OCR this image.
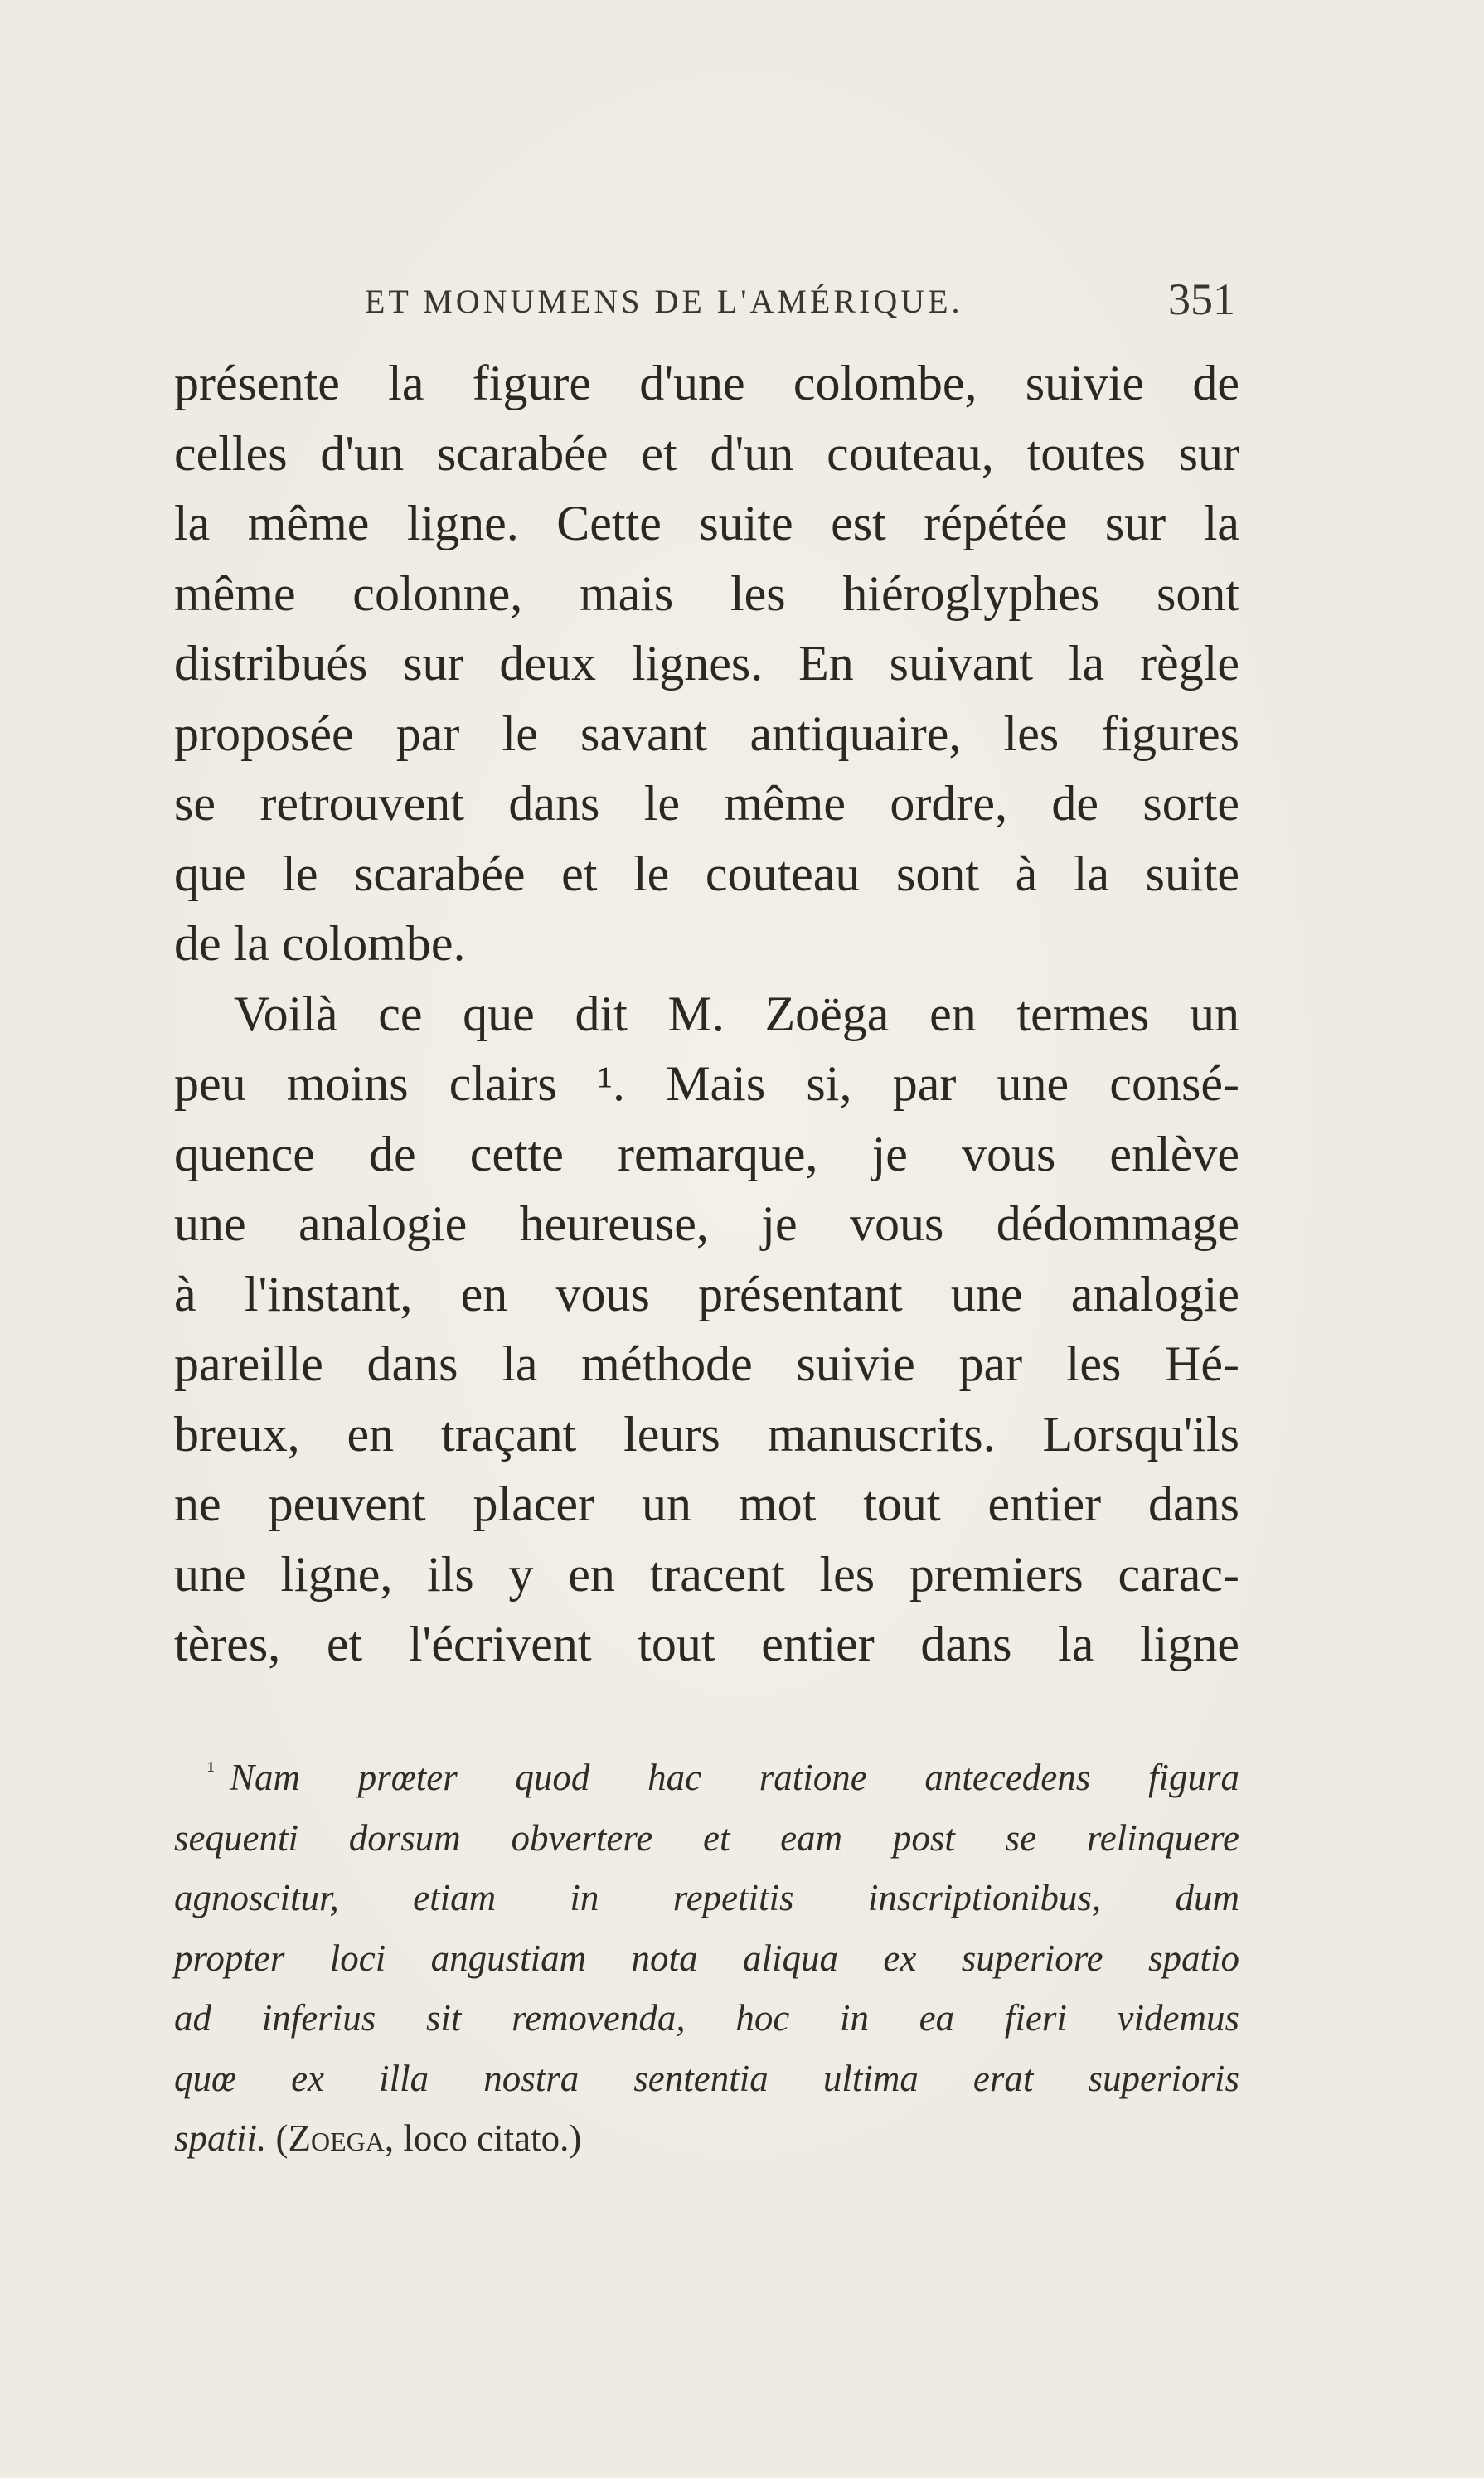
ET MONUMENS DE L'AMÉRIQUE.	351
présente la figure d'une colombe, suivie de
celles d'un scarabée et d'un couteau, toutes sur
la même ligne. Cette suite est répétée sur la
même colonne, mais les hiéroglyphes sont
distribués sur deux lignes. En suivant la règle
proposée par le savant antiquaire, les figures
se retrouvent dans le même ordre, de sorte
que le scarabée et le couteau sont à la suite
de la colombe.
Voilà ce que dit M. Zoëga en termes un
peu moins clairs ¹. Mais si, par une consé-
quence de cette remarque, je vous enlève
une analogie heureuse, je vous dédommage
à l'instant, en vous présentant une analogie
pareille dans la méthode suivie par les Hé-
breux, en traçant leurs manuscrits. Lorsqu'ils
ne peuvent placer un mot tout entier dans
une ligne, ils y en tracent les premiers carac-
tères, et l'écrivent tout entier dans la ligne
$^{^1}$ Nam prœter quod hac ratione antecedens figura
sequenti dorsum obvertere et eam post se relinquere
agnoscitur, etiam in repetitis inscriptionibus, dum
propter loci angustiam nota aliqua ex superiore spatio
ad inferius sit removenda, hoc in ea fieri videmus
quœ ex illa nostra sententia ultima erat superioris
spatii. (Zoega, loco citato.)
